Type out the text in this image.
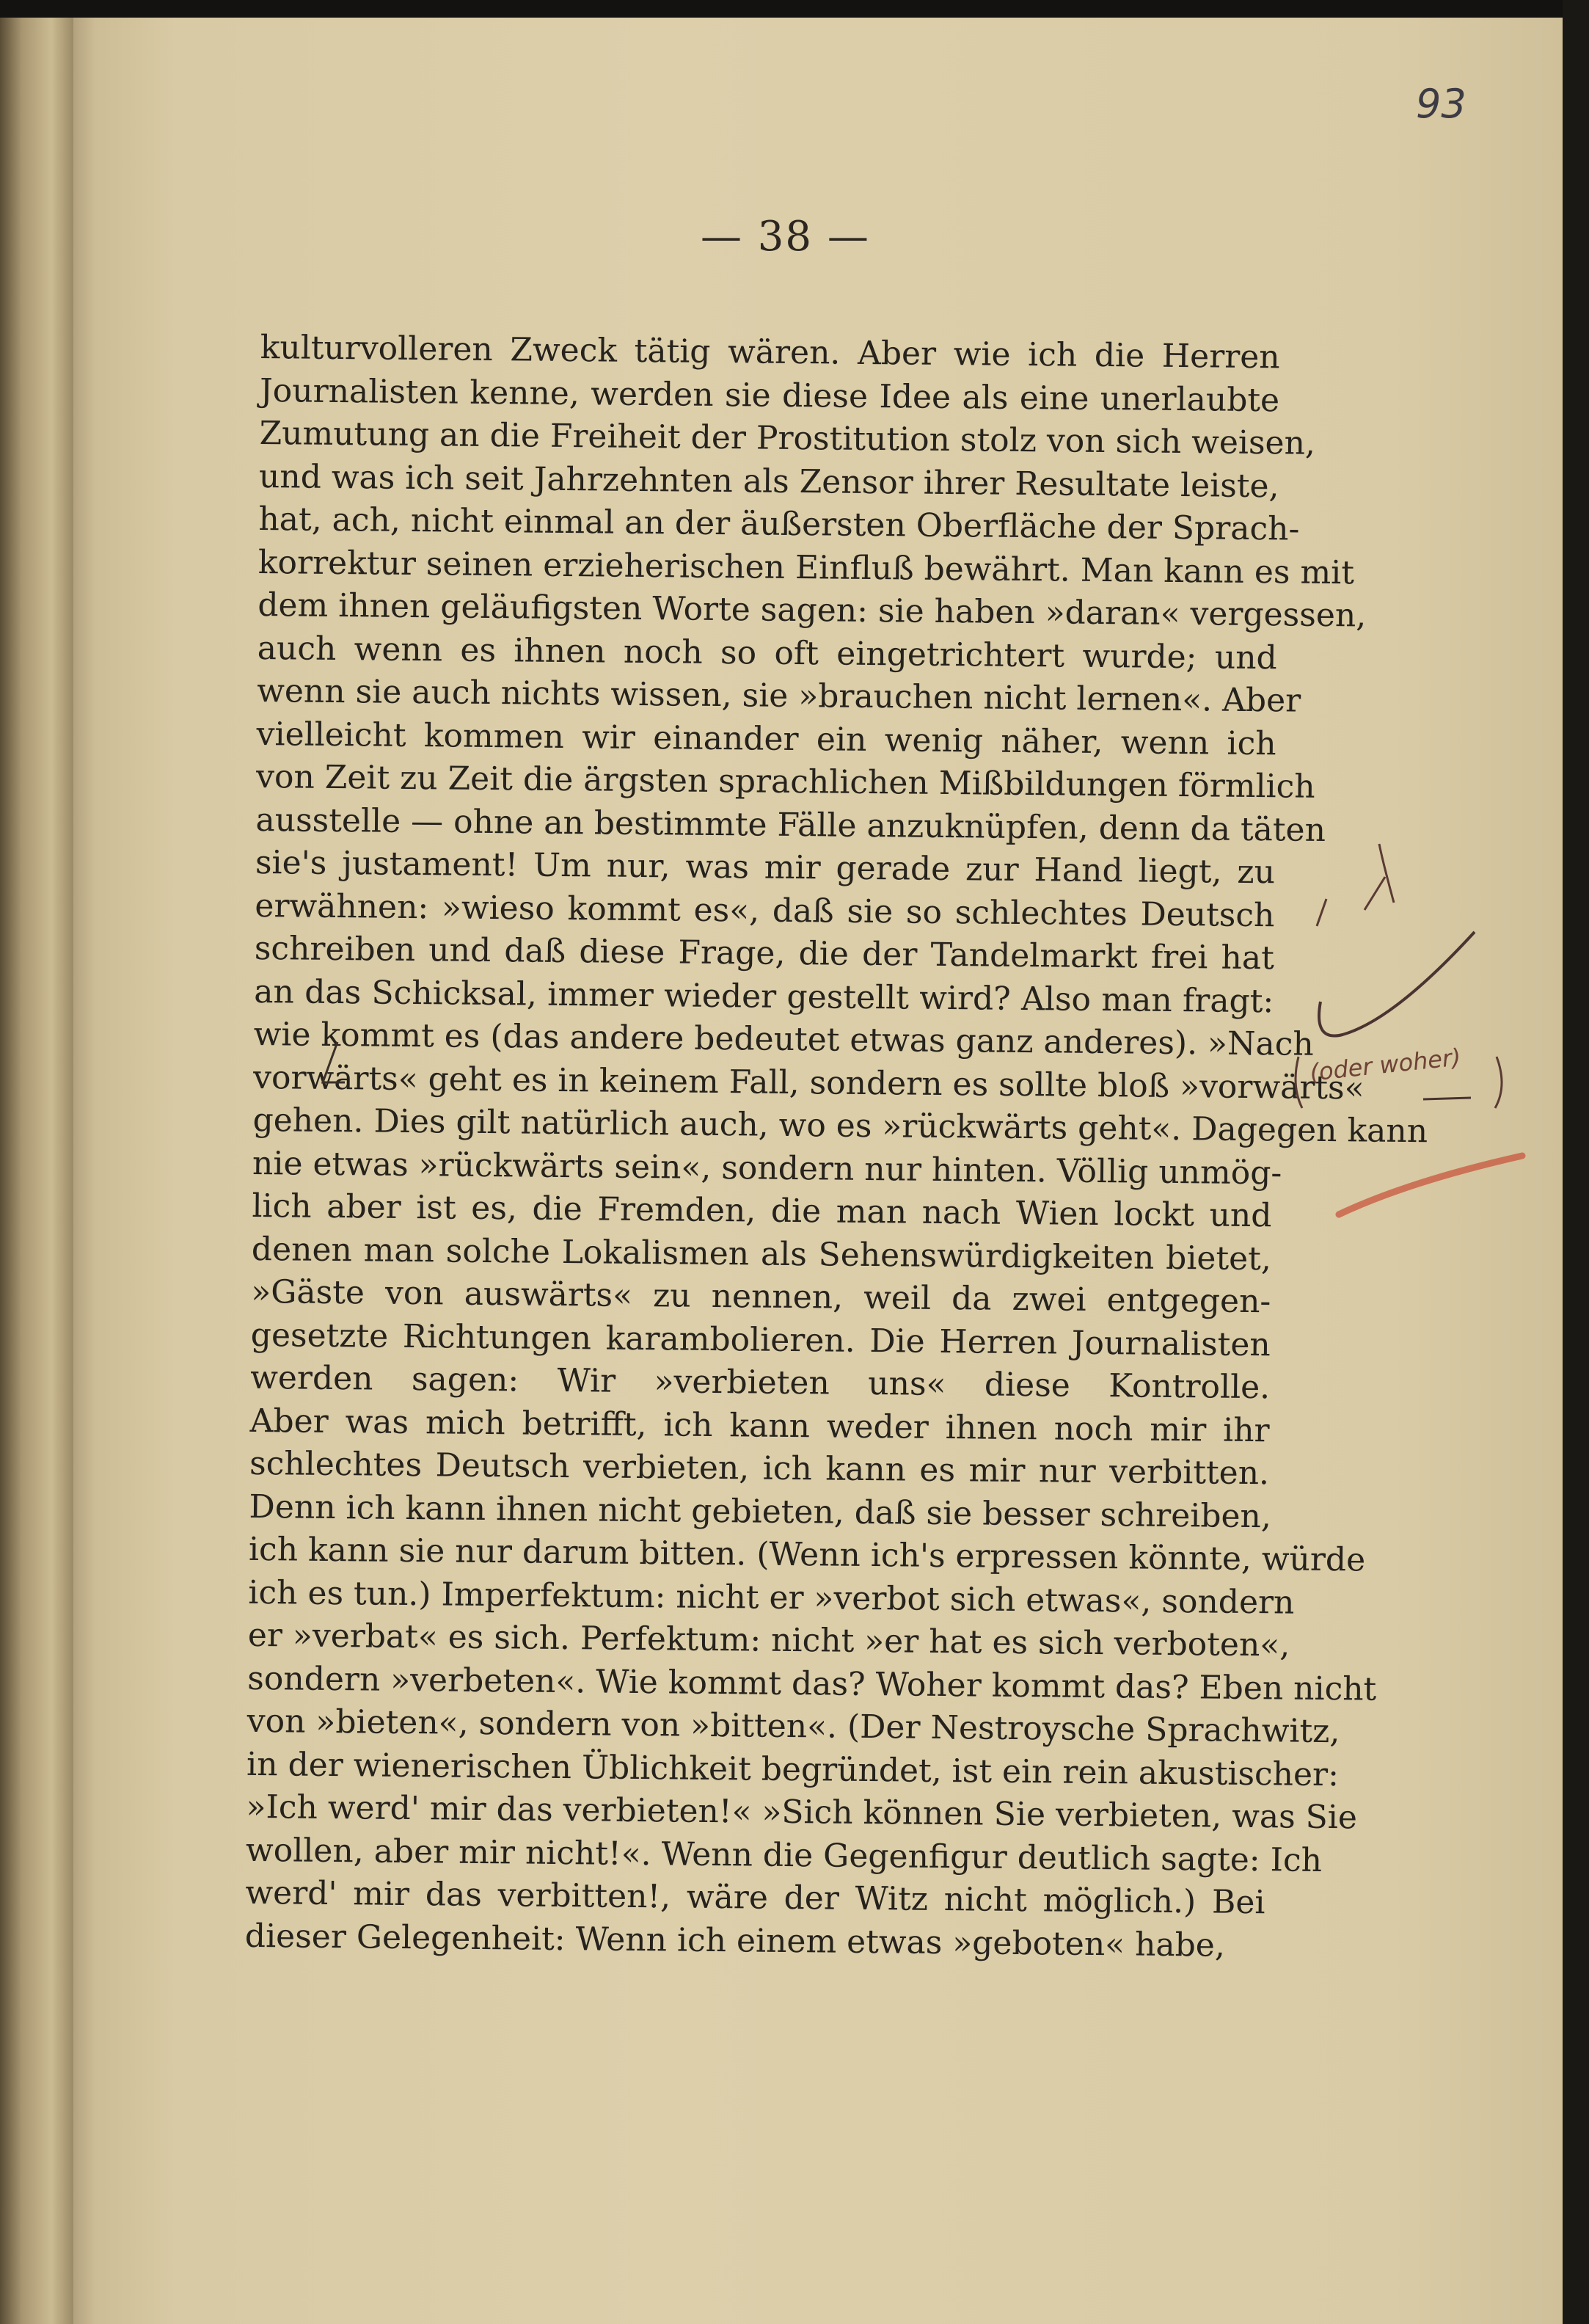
93
— 38 —
kulturvolleren Zweck tätig wären. Aber wie ich die Herren
Journalisten kenne, werden sie diese Idee als eine unerlaubte
Zumutung an die Freiheit der Prostitution stolz von sich weisen,
und was ich seit Jahrzehnten als Zensor ihrer Resultate leiste,
hat, ach, nicht einmal an der äußersten Oberfläche der Sprach-
korrektur seinen erzieherischen Einfluß bewährt. Man kann es mit
dem ihnen geläufigsten Worte sagen: sie haben »daran« vergessen,
auch wenn es ihnen noch so oft eingetrichtert wurde; und
wenn sie auch nichts wissen, sie »brauchen nicht lernen«. Aber
vielleicht kommen wir einander ein wenig näher, wenn ich
von Zeit zu Zeit die ärgsten sprachlichen Mißbildungen förmlich
ausstelle — ohne an bestimmte Fälle anzuknüpfen, denn da täten
sie's justament! Um nur, was mir gerade zur Hand liegt, zu
erwähnen: »wieso kommt es«, daß sie so schlechtes Deutsch
schreiben und daß diese Frage, die der Tandelmarkt frei hat
an das Schicksal, immer wieder gestellt wird? Also man fragt:
wie kommt es (das andere bedeutet etwas ganz anderes). »Nach
vorwärts« geht es in keinem Fall, sondern es sollte bloß »vorwärts«
gehen. Dies gilt natürlich auch, wo es »rückwärts geht«. Dagegen kann
nie etwas »rückwärts sein«, sondern nur hinten. Völlig unmög-
lich aber ist es, die Fremden, die man nach Wien lockt und
denen man solche Lokalismen als Sehenswürdigkeiten bietet,
»Gäste von auswärts« zu nennen, weil da zwei entgegen-
gesetzte Richtungen karambolieren. Die Herren Journalisten
werden sagen: Wir »verbieten uns« diese Kontrolle.
Aber was mich betrifft, ich kann weder ihnen noch mir ihr
schlechtes Deutsch verbieten, ich kann es mir nur verbitten.
Denn ich kann ihnen nicht gebieten, daß sie besser schreiben,
ich kann sie nur darum bitten. (Wenn ich's erpressen könnte, würde
ich es tun.) Imperfektum: nicht er »verbot sich etwas«, sondern
er »verbat« es sich. Perfektum: nicht »er hat es sich verboten«,
sondern »verbeten«. Wie kommt das? Woher kommt das? Eben nicht
von »bieten«, sondern von »bitten«. (Der Nestroysche Sprachwitz,
in der wienerischen Üblichkeit begründet, ist ein rein akustischer:
»Ich werd' mir das verbieten!« »Sich können Sie verbieten, was Sie
wollen, aber mir nicht!«. Wenn die Gegenfigur deutlich sagte: Ich
werd' mir das verbitten!, wäre der Witz nicht möglich.) Bei
dieser Gelegenheit: Wenn ich einem etwas »geboten« habe,
(oder woher)
